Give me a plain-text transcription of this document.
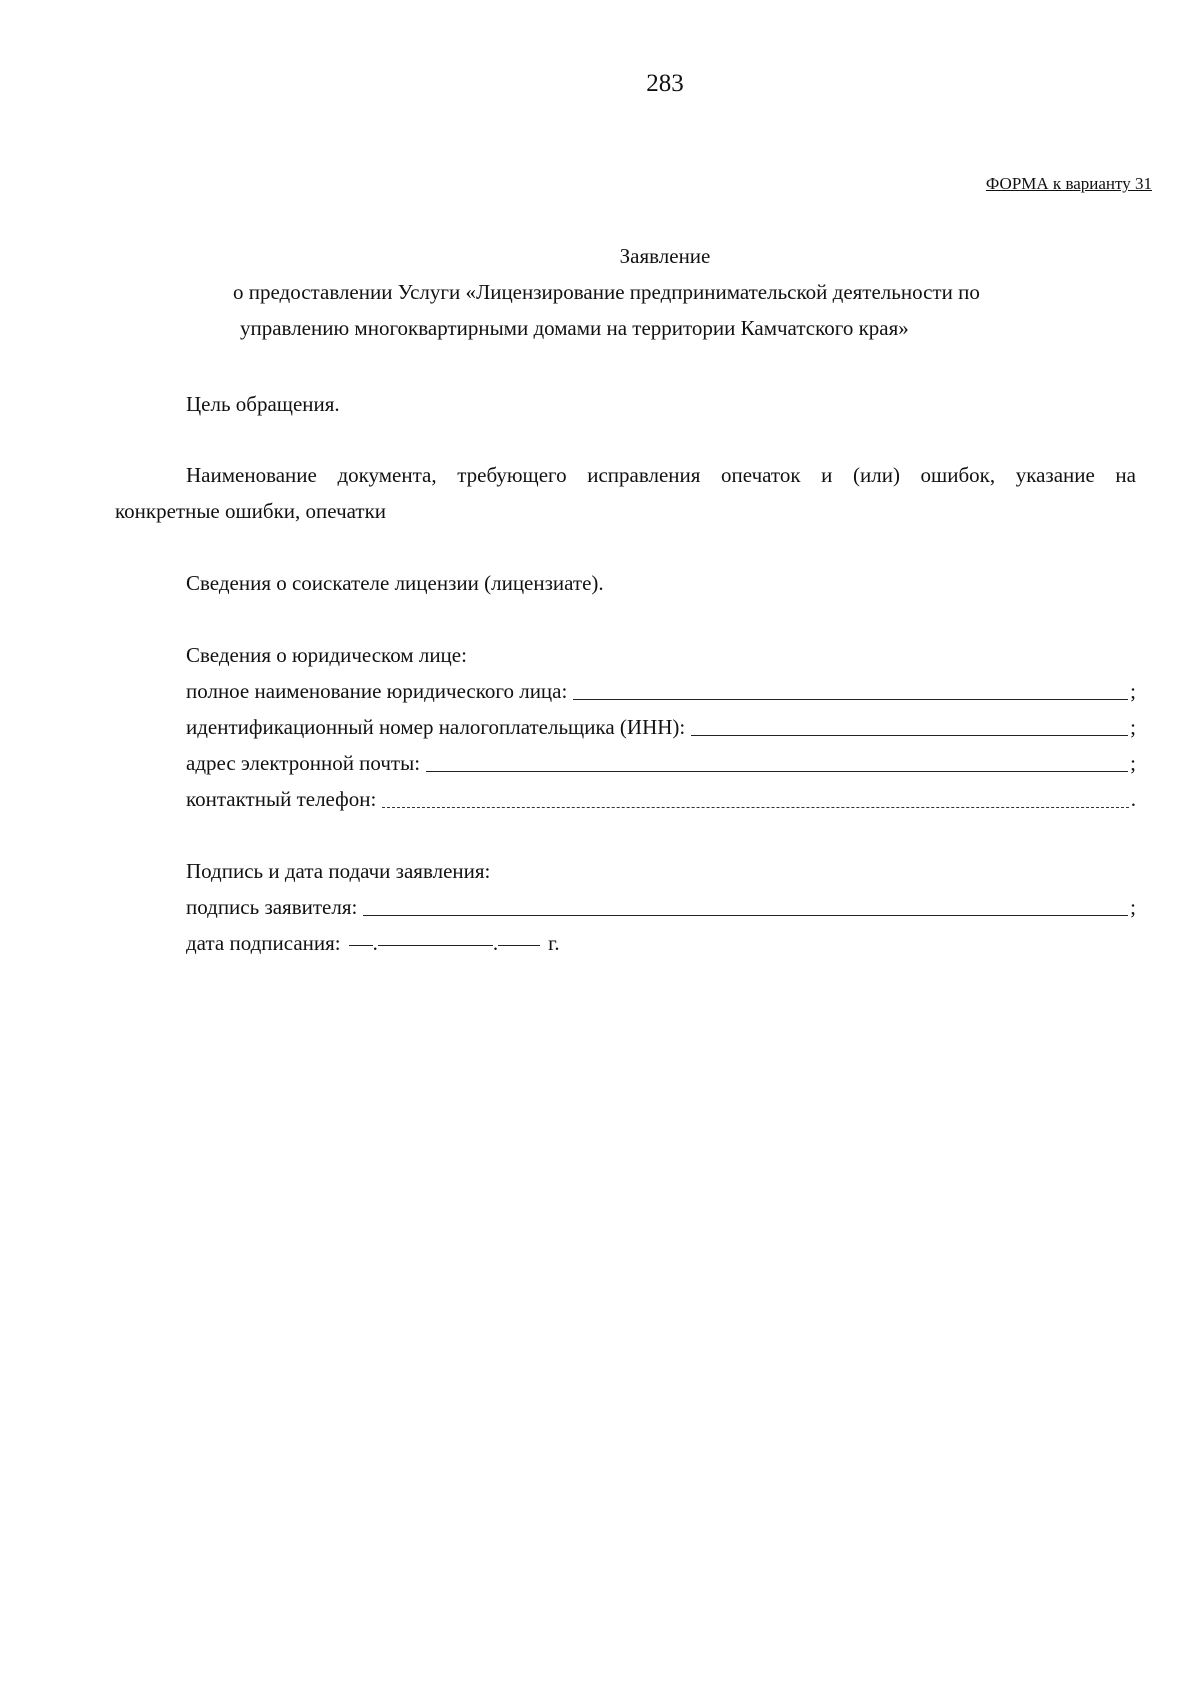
283
ФОРМА к варианту 31
Заявление
о предоставлении Услуги «Лицензирование предпринимательской деятельности по
управлению многоквартирными домами на территории Камчатского края»
Цель обращения.
Наименование документа, требующего исправления опечаток и (или) ошибок, указание на
конкретные ошибки, опечатки
Сведения о соискателе лицензии (лицензиате).
Сведения о юридическом лице:
полное наименование юридического лица:	;
идентификационный номер налогоплательщика (ИНН):	;
адрес электронной почты:	;
контактный телефон:	.
Подпись и дата подачи заявления:
подпись заявителя:	;
дата подписания: .	. г.
